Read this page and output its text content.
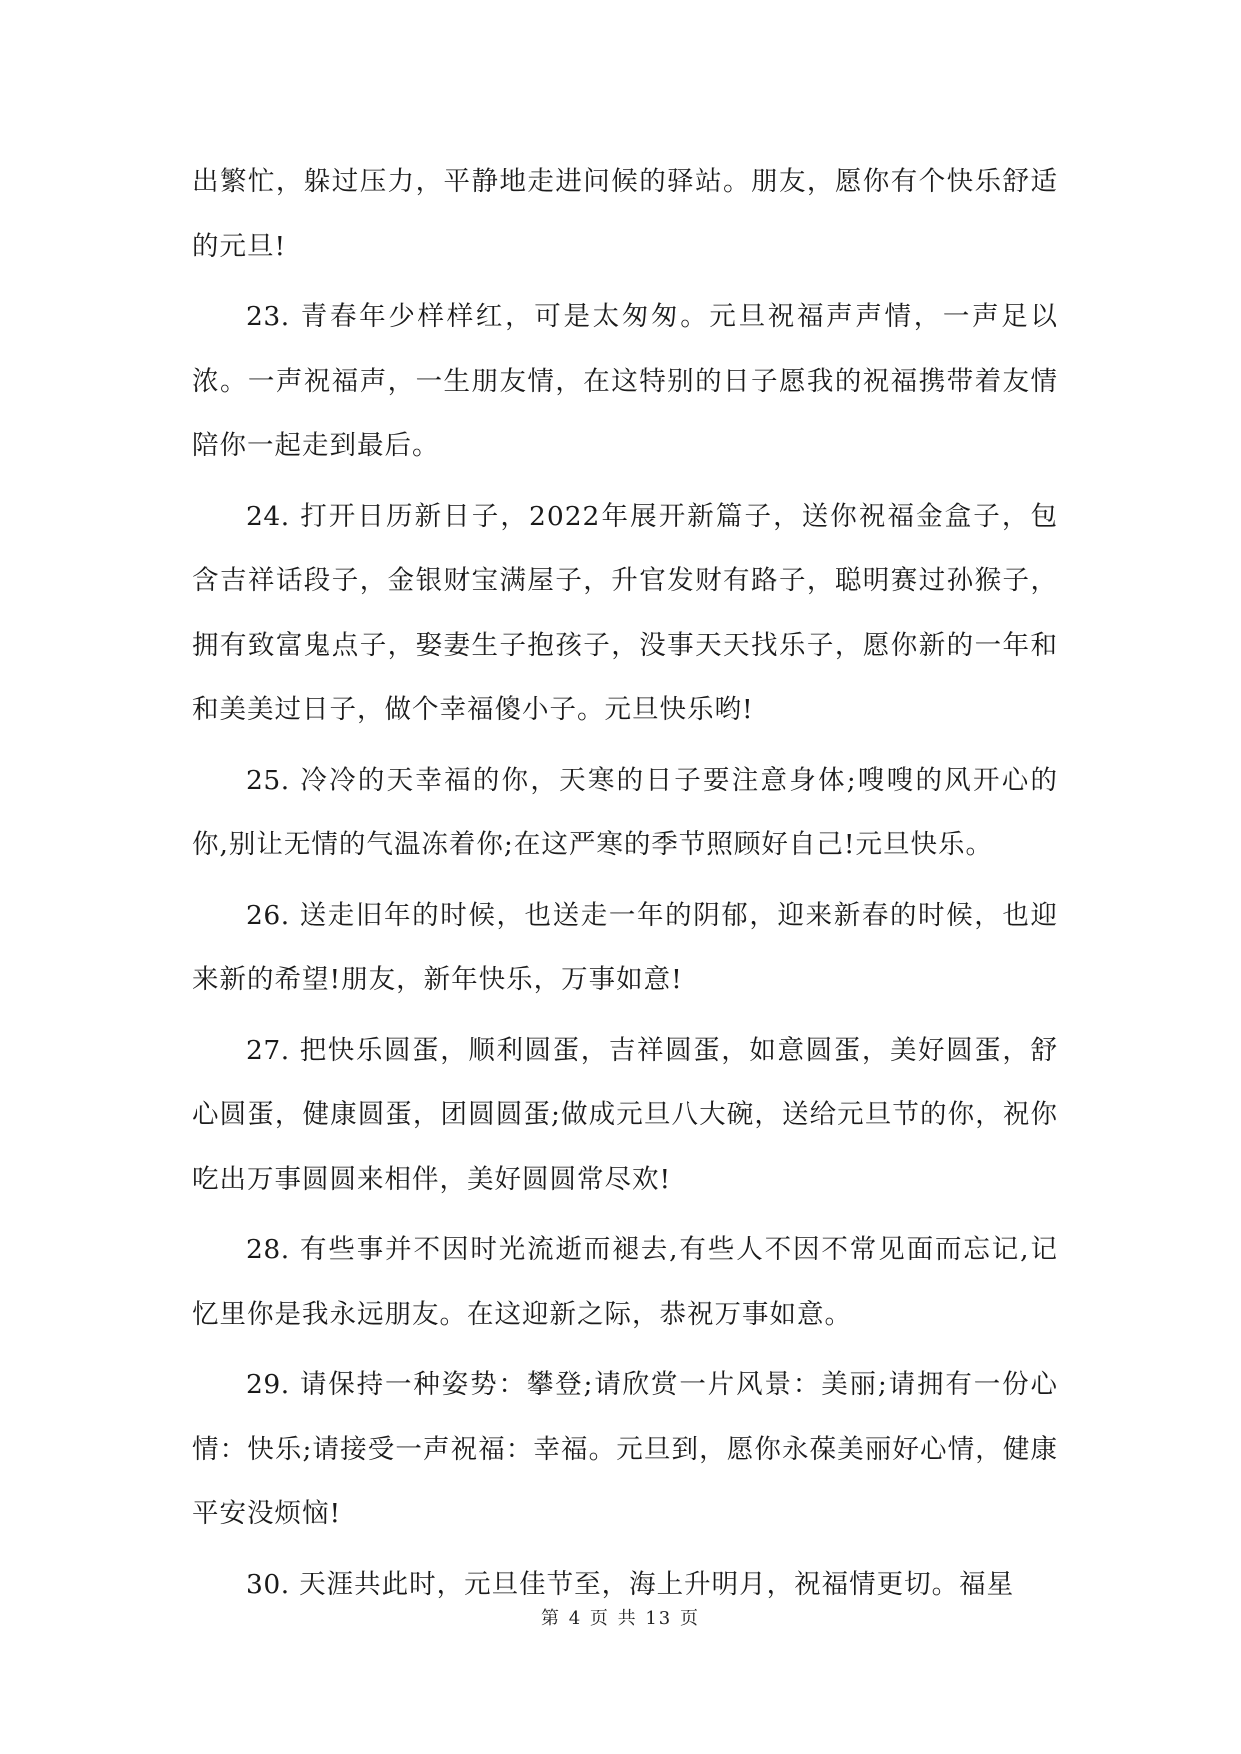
出繁忙，躲过压力，平静地走进问候的驿站。朋友，愿你有个快乐舒适的元旦!

23. 青春年少样样红，可是太匆匆。元旦祝福声声情，一声足以浓。一声祝福声，一生朋友情，在这特别的日子愿我的祝福携带着友情陪你一起走到最后。

24. 打开日历新日子，2022年展开新篇子，送你祝福金盒子，包含吉祥话段子，金银财宝满屋子，升官发财有路子，聪明赛过孙猴子，拥有致富鬼点子，娶妻生子抱孩子，没事天天找乐子，愿你新的一年和和美美过日子，做个幸福傻小子。元旦快乐哟!

25. 冷冷的天幸福的你，天寒的日子要注意身体;嗖嗖的风开心的你,别让无情的气温冻着你;在这严寒的季节照顾好自己!元旦快乐。

26. 送走旧年的时候，也送走一年的阴郁，迎来新春的时候，也迎来新的希望!朋友，新年快乐，万事如意!

27. 把快乐圆蛋，顺利圆蛋，吉祥圆蛋，如意圆蛋，美好圆蛋，舒心圆蛋，健康圆蛋，团圆圆蛋;做成元旦八大碗，送给元旦节的你，祝你吃出万事圆圆来相伴，美好圆圆常尽欢!

28. 有些事并不因时光流逝而褪去,有些人不因不常见面而忘记,记忆里你是我永远朋友。在这迎新之际，恭祝万事如意。

29. 请保持一种姿势：攀登;请欣赏一片风景：美丽;请拥有一份心情：快乐;请接受一声祝福：幸福。元旦到，愿你永葆美丽好心情，健康平安没烦恼!

30. 天涯共此时，元旦佳节至，海上升明月，祝福情更切。福星

第 4 页 共 13 页
